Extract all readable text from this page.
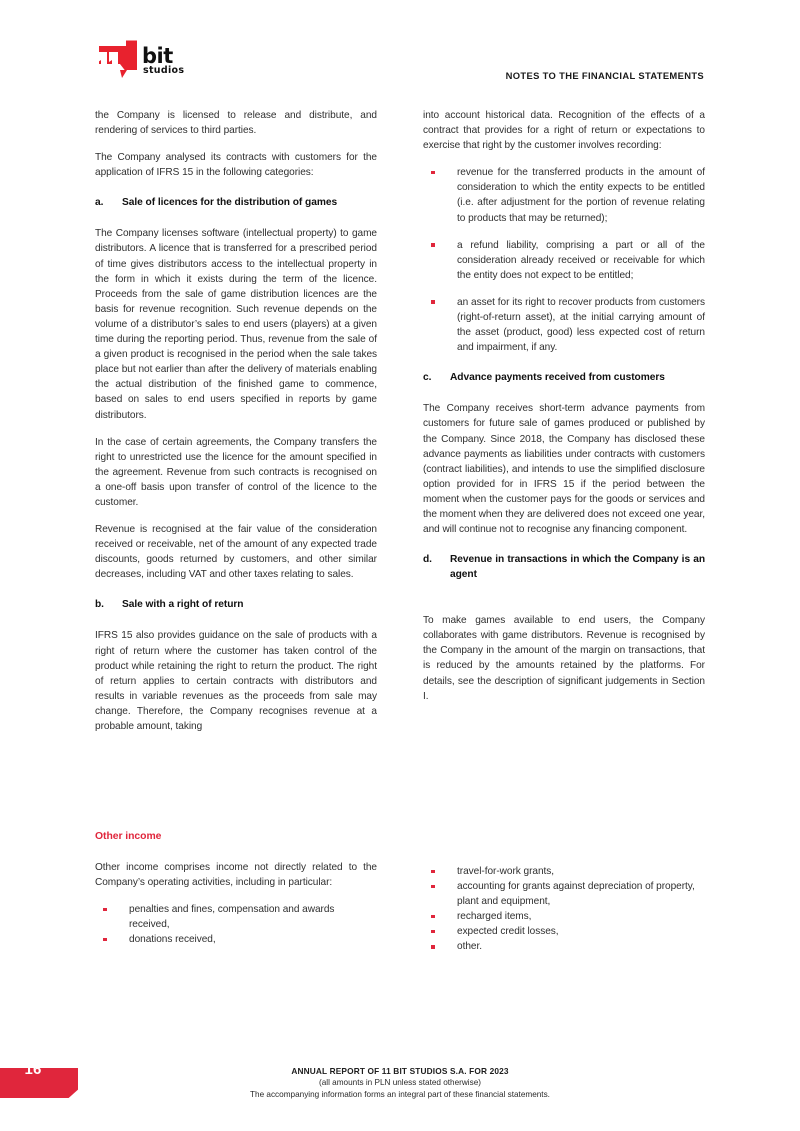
bit
studios	NOTES TO THE FINANCIAL STATEMENTS

the Company is licensed to release and distribute, and rendering of services to third parties.

The Company analysed its contracts with customers for the application of IFRS 15 in the following categories:

a. Sale of licences for the distribution of games

The Company licenses software (intellectual property) to game distributors. A licence that is transferred for a prescribed period of time gives distributors access to the intellectual property in the form in which it exists during the term of the licence. Proceeds from the sale of game distribution licences are the basis for revenue recognition. Such revenue depends on the volume of a distributor’s sales to end users (players) at a given time during the reporting period. Thus, revenue from the sale of a given product is recognised in the period when the sale takes place but not earlier than after the delivery of materials enabling the actual distribution of the finished game to commence, based on sales to end users specified in reports by game distributors.

In the case of certain agreements, the Company transfers the right to unrestricted use the licence for the amount specified in the agreement. Revenue from such contracts is recognised on a one-off basis upon transfer of control of the licence to the customer.

Revenue is recognised at the fair value of the consideration received or receivable, net of the amount of any expected trade discounts, goods returned by customers, and other similar decreases, including VAT and other taxes relating to sales.

b. Sale with a right of return

IFRS 15 also provides guidance on the sale of products with a right of return where the customer has taken control of the product while retaining the right to return the product. The right of return applies to certain contracts with distributors and results in variable revenues as the proceeds from sale may change. Therefore, the Company recognises revenue at a probable amount, taking

into account historical data. Recognition of the effects of a contract that provides for a right of return or expectations to exercise that right by the customer involves recording:

revenue for the transferred products in the amount of consideration to which the entity expects to be entitled (i.e. after adjustment for the portion of revenue relating to products that may be returned);
a refund liability, comprising a part or all of the consideration already received or receivable for which the entity does not expect to be entitled;
an asset for its right to recover products from customers (right-of-return asset), at the initial carrying amount of the asset (product, good) less expected cost of return and impairment, if any.
c. Advance payments received from customers

The Company receives short-term advance payments from customers for future sale of games produced or published by the Company. Since 2018, the Company has disclosed these advance payments as liabilities under contracts with customers (contract liabilities), and intends to use the simplified disclosure option provided for in IFRS 15 if the period between the moment when the customer pays for the goods or services and the moment when they are delivered does not exceed one year, and will continue not to recognise any financing component.

d. Revenue in transactions in which the Company is an agent

To make games available to end users, the Company collaborates with game distributors. Revenue is recognised by the Company in the amount of the margin on transactions, that is reduced by the amounts retained by the platforms. For details, see the description of significant judgements in Section I.

Other income

Other income comprises income not directly related to the Company’s operating activities, including in particular:

penalties and fines, compensation and awards received,
donations received,
travel-for-work grants,
accounting for grants against depreciation of property, plant and equipment,
recharged items,
expected credit losses,
other.
16	ANNUAL REPORT OF 11 BIT STUDIOS S.A. FOR 2023
(all amounts in PLN unless stated otherwise)
The accompanying information forms an integral part of these financial statements.
